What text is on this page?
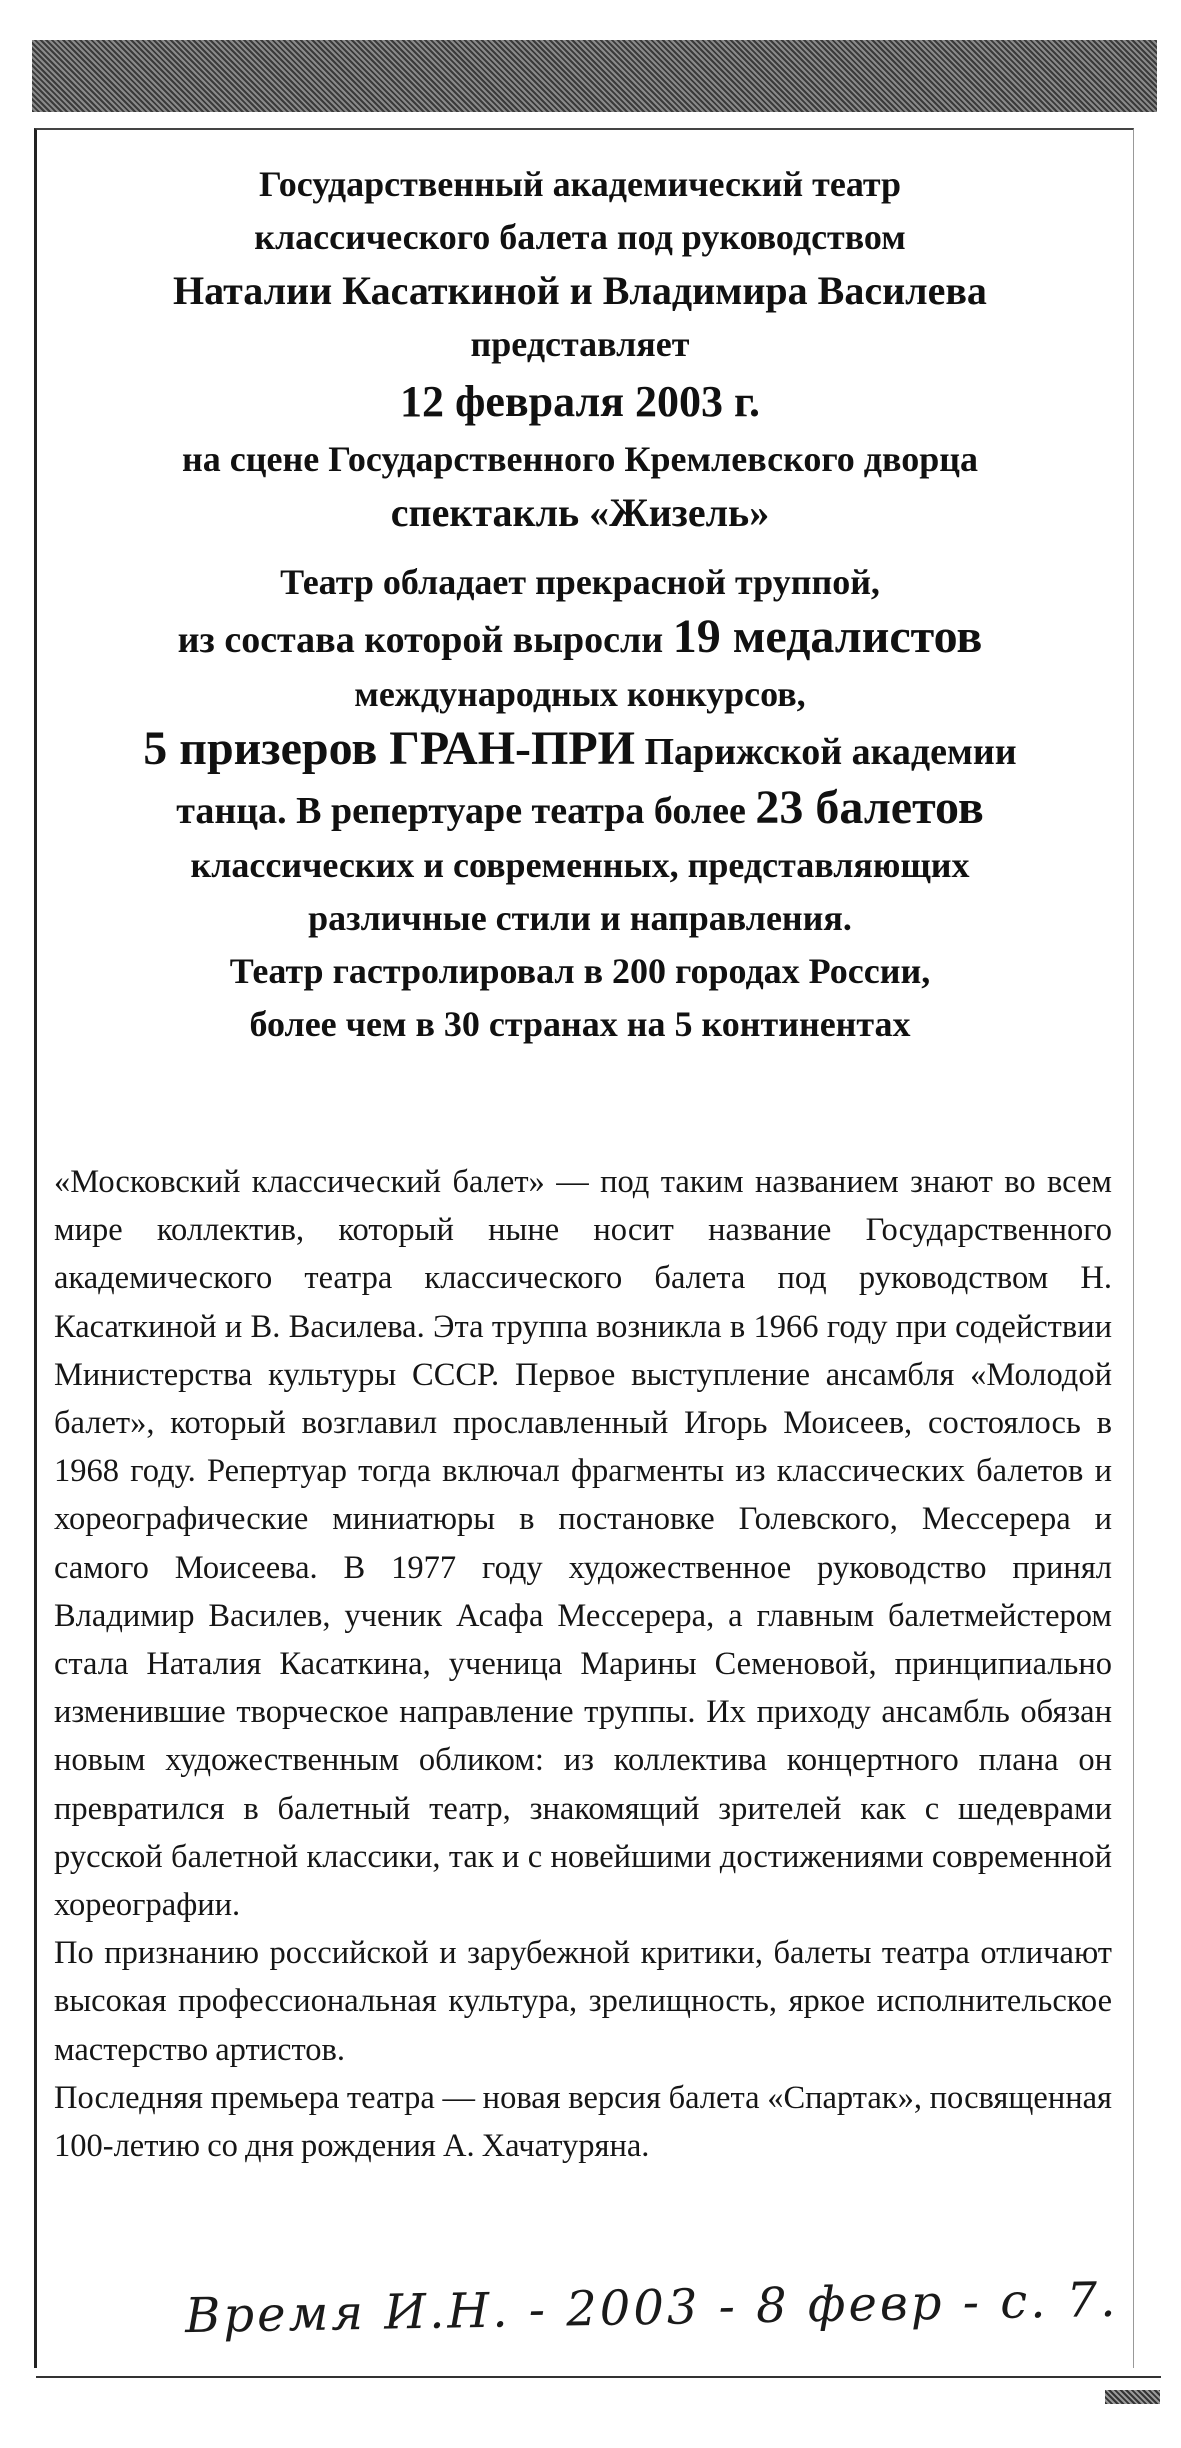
Государственный академический театр
классического балета под руководством
Наталии Касаткиной и Владимира Василева
представляет
12 февраля 2003 г.
на сцене Государственного Кремлевского дворца
спектакль «Жизель»
Театр обладает прекрасной труппой,
из состава которой выросли 19 медалистов
международных конкурсов,
5 призеров ГРАН-ПРИ Парижской академии
танца. В репертуаре театра более 23 балетов
классических и современных, представляющих
различные стили и направления.
Театр гастролировал в 200 городах России,
более чем в 30 странах на 5 континентах

«Московский классический балет» — под таким названием знают во всем мире коллектив, который ныне носит название Государственного академического театра классического балета под руководством Н. Касаткиной и В. Василева. Эта труппа возникла в 1966 году при содействии Министерства культуры СССР. Первое выступление ансамбля «Молодой балет», который возглавил прославленный Игорь Моисеев, состоялось в 1968 году. Репертуар тогда включал фрагменты из классических балетов и хореографические миниатюры в постановке Голевского, Мессерера и самого Моисеева. В 1977 году художественное руководство принял Владимир Василев, ученик Асафа Мессерера, а главным балетмейстером стала Наталия Касаткина, ученица Марины Семеновой, принципиально изменившие творческое направление труппы. Их приходу ансамбль обязан новым художественным обликом: из коллектива концертного плана он превратился в балетный театр, знакомящий зрителей как с шедеврами русской балетной классики, так и с новейшими достижениями современной хореографии.

По признанию российской и зарубежной критики, балеты театра отличают высокая профессиональная культура, зрелищность, яркое исполнительское мастерство артистов.

Последняя премьера театра — новая версия балета «Спартак», посвященная 100-летию со дня рождения А. Хачатуряна.

Время И.Н. - 2003 - 8 февр - с. 7.
